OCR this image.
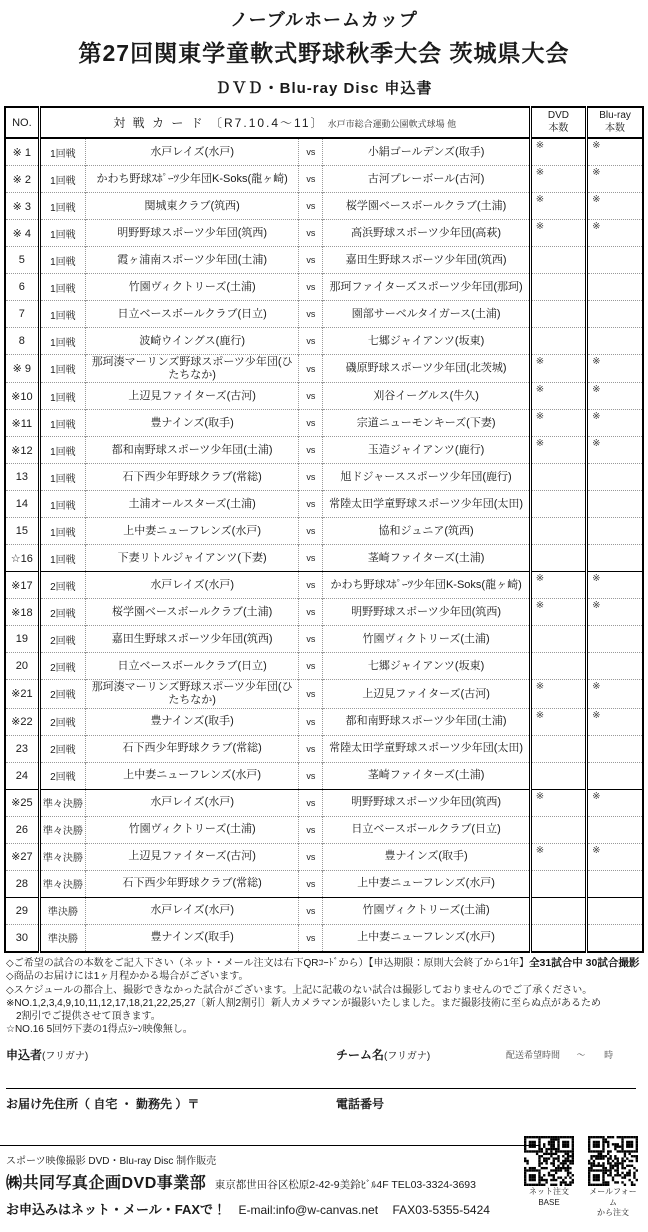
ノーブルホームカップ
第27回関東学童軟式野球秋季大会 茨城県大会
ＤＶＤ・Blu-ray Disc 申込書
NO.	対 戦 カ ー ド 〔R7.10.4～11〕 水戸市総合運動公園軟式球場 他	
DVD
本数

Blu-ray
本数

※ 1	1回戦	水戸レイズ(水戸)	vs	小絹ゴールデンズ(取手)	※	※
※ 2	1回戦	かわち野球ｽﾎﾟｰﾂ少年団K-Soks(龍ヶ崎)	vs	古河プレーボール(古河)	※	※
※ 3	1回戦	関城東クラブ(筑西)	vs	桜学園ベースボールクラブ(土浦)	※	※
※ 4	1回戦	明野野球スポーツ少年団(筑西)	vs	高浜野球スポーツ少年団(高萩)	※	※
5	1回戦	霞ヶ浦南スポーツ少年団(土浦)	vs	嘉田生野球スポーツ少年団(筑西)		
6	1回戦	竹園ヴィクトリーズ(土浦)	vs	那珂ファイターズスポーツ少年団(那珂)		
7	1回戦	日立ベースボールクラブ(日立)	vs	園部サーベルタイガース(土浦)		
8	1回戦	波崎ウイングス(鹿行)	vs	七郷ジャイアンツ(坂東)		
※ 9	1回戦	那珂湊マーリンズ野球スポーツ少年団(ひたちなか)	vs	磯原野球スポーツ少年団(北茨城)	※	※
※10	1回戦	上辺見ファイターズ(古河)	vs	刈谷イーグルス(牛久)	※	※
※11	1回戦	豊ナインズ(取手)	vs	宗道ニューモンキーズ(下妻)	※	※
※12	1回戦	都和南野球スポーツ少年団(土浦)	vs	玉造ジャイアンツ(鹿行)	※	※
13	1回戦	石下西少年野球クラブ(常総)	vs	旭ドジャーススポーツ少年団(鹿行)		
14	1回戦	土浦オールスターズ(土浦)	vs	常陸太田学童野球スポーツ少年団(太田)		
15	1回戦	上中妻ニューフレンズ(水戸)	vs	協和ジュニア(筑西)		
☆16	1回戦	下妻リトルジャイアンツ(下妻)	vs	茎崎ファイターズ(土浦)		
※17	2回戦	水戸レイズ(水戸)	vs	かわち野球ｽﾎﾟｰﾂ少年団K-Soks(龍ヶ崎)	※	※
※18	2回戦	桜学園ベースボールクラブ(土浦)	vs	明野野球スポーツ少年団(筑西)	※	※
19	2回戦	嘉田生野球スポーツ少年団(筑西)	vs	竹園ヴィクトリーズ(土浦)		
20	2回戦	日立ベースボールクラブ(日立)	vs	七郷ジャイアンツ(坂東)		
※21	2回戦	那珂湊マーリンズ野球スポーツ少年団(ひたちなか)	vs	上辺見ファイターズ(古河)	※	※
※22	2回戦	豊ナインズ(取手)	vs	都和南野球スポーツ少年団(土浦)	※	※
23	2回戦	石下西少年野球クラブ(常総)	vs	常陸太田学童野球スポーツ少年団(太田)		
24	2回戦	上中妻ニューフレンズ(水戸)	vs	茎崎ファイターズ(土浦)		
※25	準々決勝	水戸レイズ(水戸)	vs	明野野球スポーツ少年団(筑西)	※	※
26	準々決勝	竹園ヴィクトリーズ(土浦)	vs	日立ベースボールクラブ(日立)		
※27	準々決勝	上辺見ファイターズ(古河)	vs	豊ナインズ(取手)	※	※
28	準々決勝	石下西少年野球クラブ(常総)	vs	上中妻ニューフレンズ(水戸)		
29	準決勝	水戸レイズ(水戸)	vs	竹園ヴィクトリーズ(土浦)		
30	準決勝	豊ナインズ(取手)	vs	上中妻ニューフレンズ(水戸)		
◇ご希望の試合の本数をご記入下さい（ネット・メール注文は右下QRｺｰﾄﾞから）【申込期限：原則大会終了から1年】全31試合中 30試合撮影
◇商品のお届けには1ヶ月程かかる場合がございます。
◇スケジュールの都合上、撮影できなかった試合がございます。上記に記載のない試合は撮影しておりませんのでご了承ください。
※NO.1,2,3,4,9,10,11,12,17,18,21,22,25,27〔新人割2割引〕新人カメラマンが撮影いたしました。まだ撮影技術に至らぬ点があるため
　2割引でご提供させて頂きます。
☆NO.16 5回ｳﾗ下妻の1得点ｼｰﾝ映像無し。
申込者(フリガナ)	チーム名(フリガナ)	配送希望時間 ～ 時
お届け先住所（ 自宅 ・ 勤務先 ）〒	電話番号
スポーツ映像撮影 DVD・Blu-ray Disc 制作販売
㈱共同写真企画DVD事業部 東京都世田谷区松原2-42-9美鈴ﾋﾞﾙ4F TEL03-3324-3693
お申込みはネット・メール・FAXで！ E-mail:info@w-canvas.net FAX03-5355-5424
ネット注文
BASE
メールフォーム
から注文
